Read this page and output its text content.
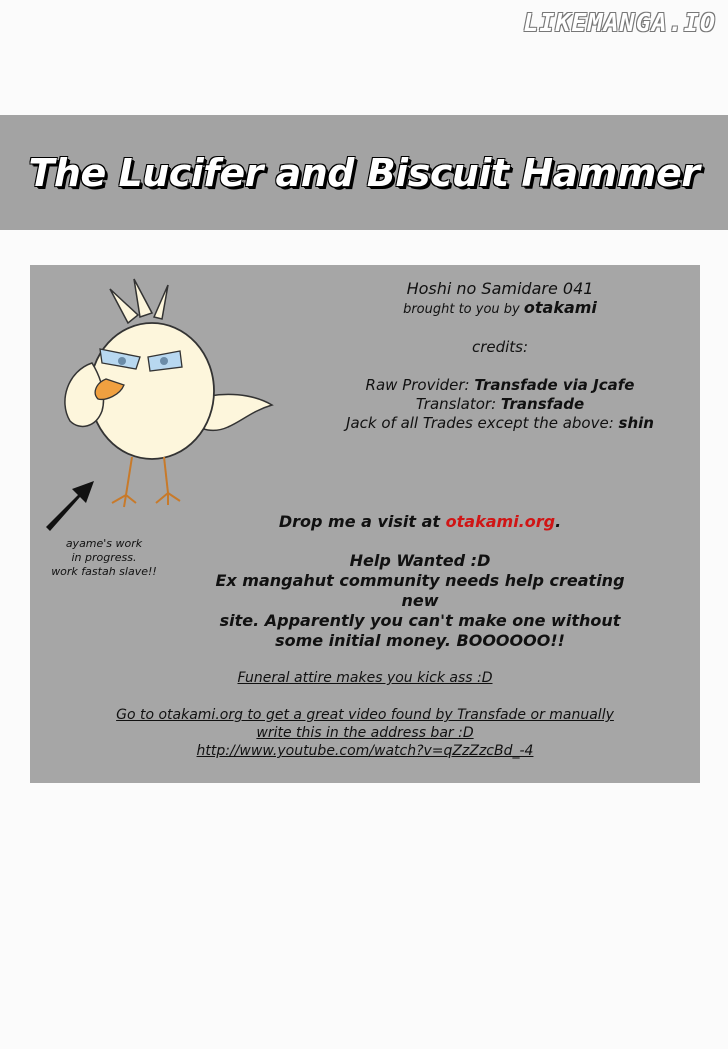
LIKEMANGA.IO
The Lucifer and Biscuit Hammer
ayame's work
in progress.
work fastah slave!!
Hoshi no Samidare 041
brought to you by otakami
credits:
Raw Provider: Transfade via Jcafe
Translator: Transfade
Jack of all Trades except the above: shin
Drop me a visit at otakami.org.
Help Wanted :D
Ex mangahut community needs help creating new
site. Apparently you can't make one without
some initial money. BOOOOOO!!
Funeral attire makes you kick ass :D
Go to otakami.org to get a great video found by Transfade or manually
write this in the address bar :D
http://www.youtube.com/watch?v=qZzZzcBd_-4
